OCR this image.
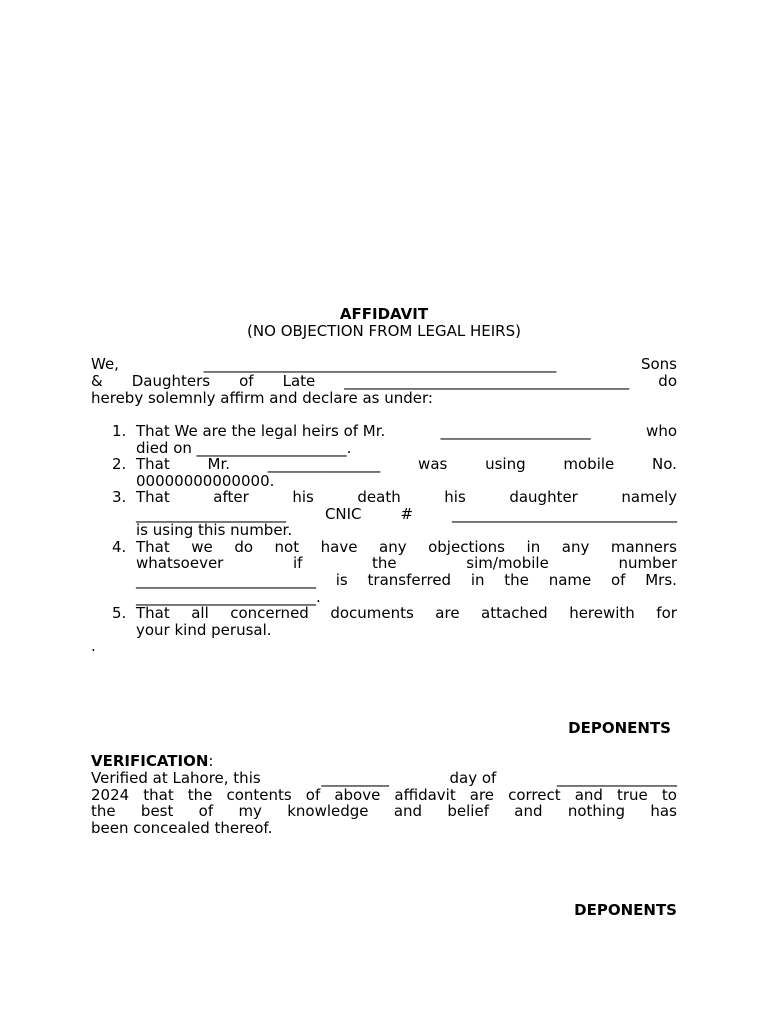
AFFIDAVIT
(NO OBJECTION FROM LEGAL HEIRS)
We,	_______________________________________________	Sons
& Daughters of Late ______________________________________ do
hereby solemnly affirm and declare as under:
1. That We are the legal heirs of Mr.	____________________	who
died on ____________________.
2. That	Mr.	_______________	was	using	mobile	No.
00000000000000.
3. That	after	his	death	his	daughter	namely
____________________	CNIC	#	______________________________
is using this number.
4. That we do not have any objections in any manners
whatsoever	if	the	sim/mobile	number
________________________ is transferred in the name of Mrs.
________________________.
5. That all concerned documents are attached herewith for
your kind perusal.
.
DEPONENTS
VERIFICATION:
Verified at Lahore, this	_________	day of	________________
2024 that the contents of above affidavit are correct and true to
the best of my knowledge and belief and nothing has
been concealed thereof.
DEPONENTS
